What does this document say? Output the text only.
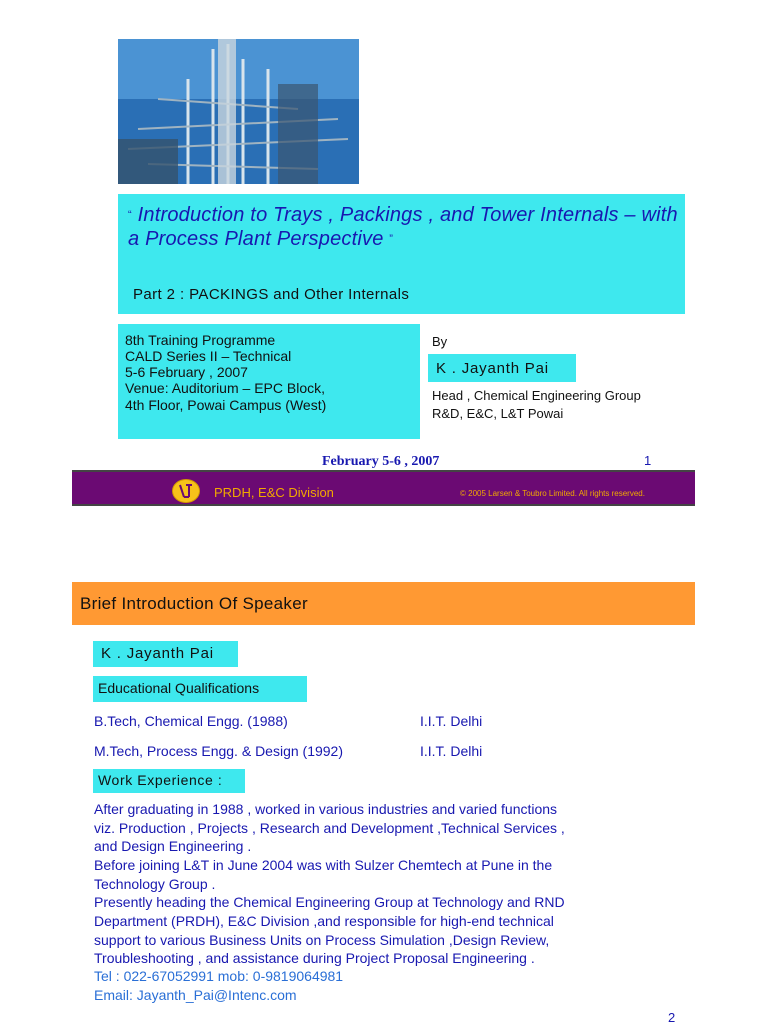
“ Introduction to Trays , Packings , and Tower Internals – with a Process Plant Perspective ”
Part 2 : PACKINGS and Other Internals
8th Training Programme
CALD Series II – Technical
5-6 February , 2007
Venue: Auditorium – EPC Block,
4th Floor, Powai Campus (West)
By
K . Jayanth Pai
Head , Chemical Engineering Group
R&D, E&C, L&T Powai
February 5-6 , 2007	1
PRDH, E&C Division	© 2005 Larsen & Toubro Limited. All rights reserved.
Brief Introduction Of Speaker
K . Jayanth Pai
Educational Qualifications
B.Tech, Chemical Engg. (1988)	I.I.T. Delhi
M.Tech, Process Engg. & Design (1992)	I.I.T. Delhi
Work Experience :
After graduating in 1988 , worked in various industries and varied functions
viz. Production , Projects , Research and Development ,Technical Services ,
and Design Engineering .
Before joining L&T in June 2004 was with Sulzer Chemtech at Pune in the
Technology Group .
Presently heading the Chemical Engineering Group at Technology and RND
Department (PRDH), E&C Division ,and responsible for high-end technical
support to various Business Units on Process Simulation ,Design Review,
Troubleshooting , and assistance during Project Proposal Engineering .
Tel : 022-67052991 mob: 0-9819064981
Email: Jayanth_Pai@Intenc.com
2
